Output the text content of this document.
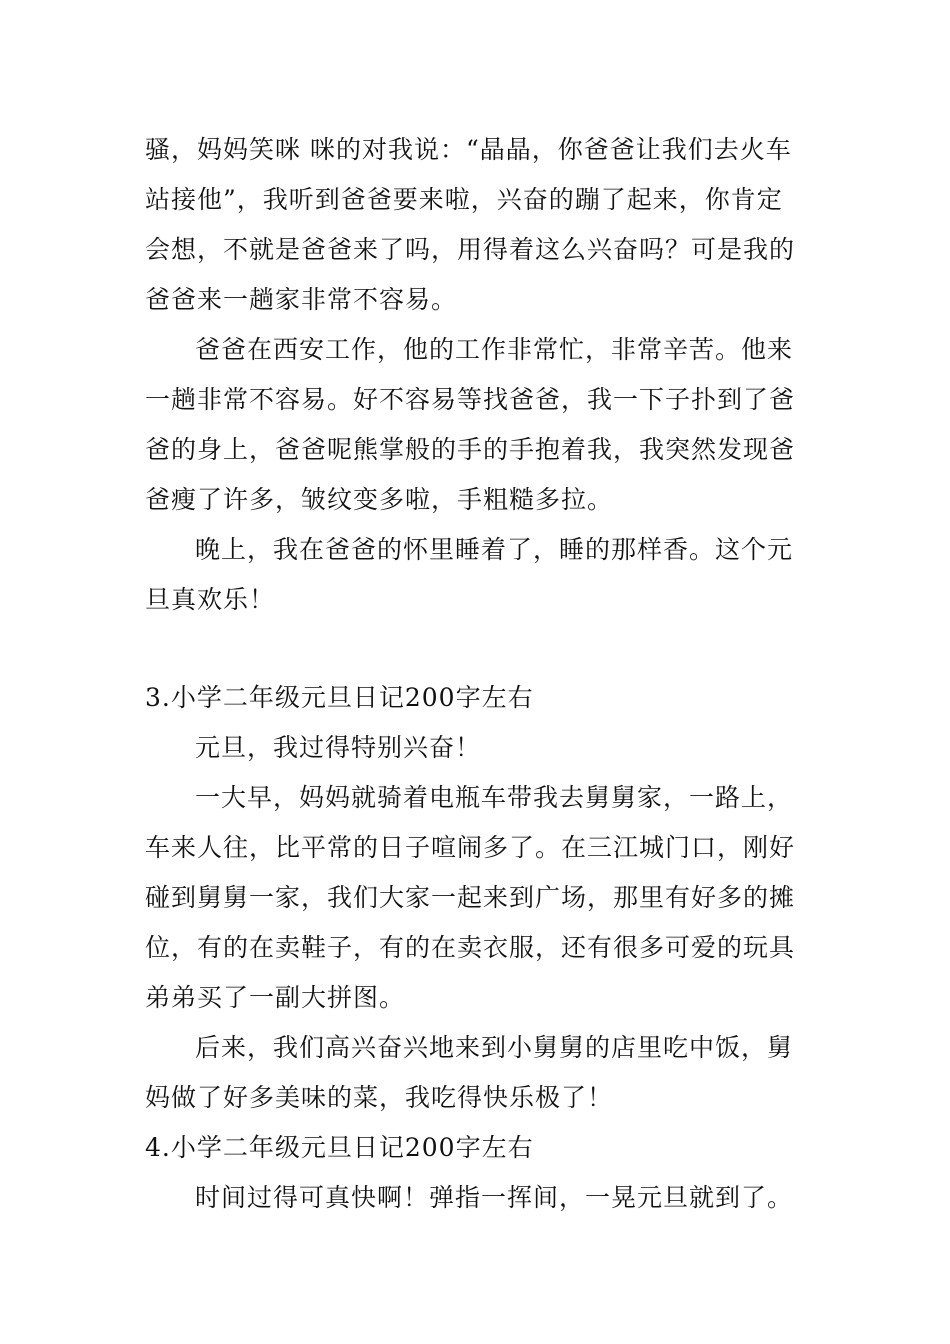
骚，妈妈笑咪 咪的对我说：“晶晶，你爸爸让我们去火车
站接他”，我听到爸爸要来啦，兴奋的蹦了起来，你肯定
会想，不就是爸爸来了吗，用得着这么兴奋吗？可是我的
爸爸来一趟家非常不容易。
爸爸在西安工作，他的工作非常忙，非常辛苦。他来
一趟非常不容易。好不容易等找爸爸，我一下子扑到了爸
爸的身上，爸爸呢熊掌般的手的手抱着我，我突然发现爸
爸瘦了许多，皱纹变多啦，手粗糙多拉。
晚上，我在爸爸的怀里睡着了，睡的那样香。这个元
旦真欢乐！
3.小学二年级元旦日记200字左右
元旦，我过得特别兴奋！
一大早，妈妈就骑着电瓶车带我去舅舅家，一路上，
车来人往，比平常的日子喧闹多了。在三江城门口，刚好
碰到舅舅一家，我们大家一起来到广场，那里有好多的摊
位，有的在卖鞋子，有的在卖衣服，还有很多可爱的玩具
弟弟买了一副大拼图。
后来，我们高兴奋兴地来到小舅舅的店里吃中饭，舅
妈做了好多美味的菜，我吃得快乐极了！
4.小学二年级元旦日记200字左右
时间过得可真快啊！弹指一挥间，一晃元旦就到了。
